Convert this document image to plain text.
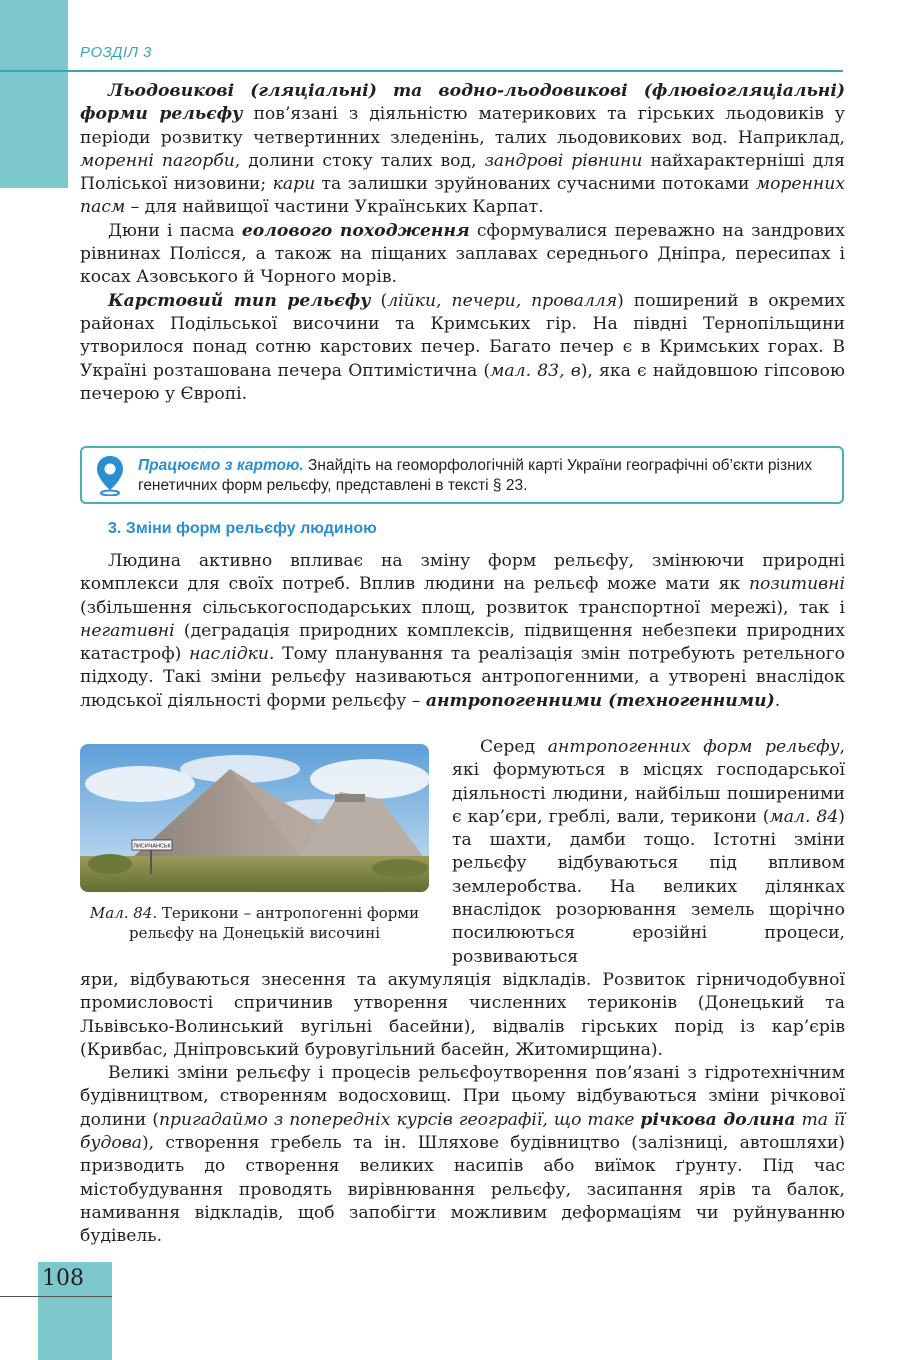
РОЗДІЛ 3

Льодовикові (гляціальні) та водно-льодовикові (флювіогляціальні) форми рельєфу пов’язані з діяльністю материкових та гірських льодовиків у періоди розвитку четвертинних зледенінь, талих льодовикових вод. Наприклад, моренні пагорби, долини стоку талих вод, зандрові рівнини найхарактерніші для Поліської низовини; кари та залишки зруйнованих сучасними потоками моренних пасм – для найвищої частини Українських Карпат.

Дюни і пасма еолового походження сформувалися переважно на зандрових рівнинах Полісся, а також на піщаних заплавах середнього Дніпра, пересипах і косах Азовського й Чорного морів.

Карстовий тип рельєфу (лійки, печери, провалля) поширений в окремих районах Подільської височини та Кримських гір. На півдні Тернопільщини утворилося понад сотню карстових печер. Багато печер є в Кримських горах. В Україні розташована печера Оптимістична (мал. 83, в), яка є найдовшою гіпсовою печерою у Європі.

Працюємо з картою. Знайдіть на геоморфологічній карті України географічні об’єкти різних генетичних форм рельєфу, представлені в тексті § 23.
3. Зміни форм рельєфу людиною

Людина активно впливає на зміну форм рельєфу, змінюючи природні комплекси для своїх потреб. Вплив людини на рельєф може мати як позитивні (збільшення сільськогосподарських площ, розвиток транспортної мережі), так і негативні (деградація природних комплексів, підвищення небезпеки природних катастроф) наслідки. Тому планування та реалізація змін потребують ретельного підходу. Такі зміни рельєфу називаються антропогенними, а утворені внаслідок людської діяльності форми рельєфу – антропогенними (техногенними).

ЛИСИЧАНСЬК
Мал. 84. Терикони – антропогенні форми рельєфу на Донецькій височині

Серед антропогенних форм рельєфу, які формуються в місцях господарської діяльності людини, найбільш поширеними є кар’єри, греблі, вали, терикони (мал. 84) та шахти, дамби тощо. Істотні зміни рельєфу відбуваються під впливом землеробства. На великих ділянках внаслідок розорювання земель щорічно посилюються ерозійні процеси, розвиваються

яри, відбуваються знесення та акумуляція відкладів. Розвиток гірничодобувної промисловості спричинив утворення численних териконів (Донецький та Львівсько-Волинський вугільні басейни), відвалів гірських порід із кар’єрів (Кривбас, Дніпровський буровугільний басейн, Житомирщина).

Великі зміни рельєфу і процесів рельєфоутворення пов’язані з гідротехнічним будівництвом, створенням водосховищ. При цьому відбуваються зміни річкової долини (пригадаймо з попередніх курсів географії, що таке річкова долина та її будова), створення гребель та ін. Шляхове будівництво (залізниці, автошляхи) призводить до створення великих насипів або виїмок ґрунту. Під час містобудування проводять вирівнювання рельєфу, засипання ярів та балок, намивання відкладів, щоб запобігти можливим деформаціям чи руйнуванню будівель.

108
